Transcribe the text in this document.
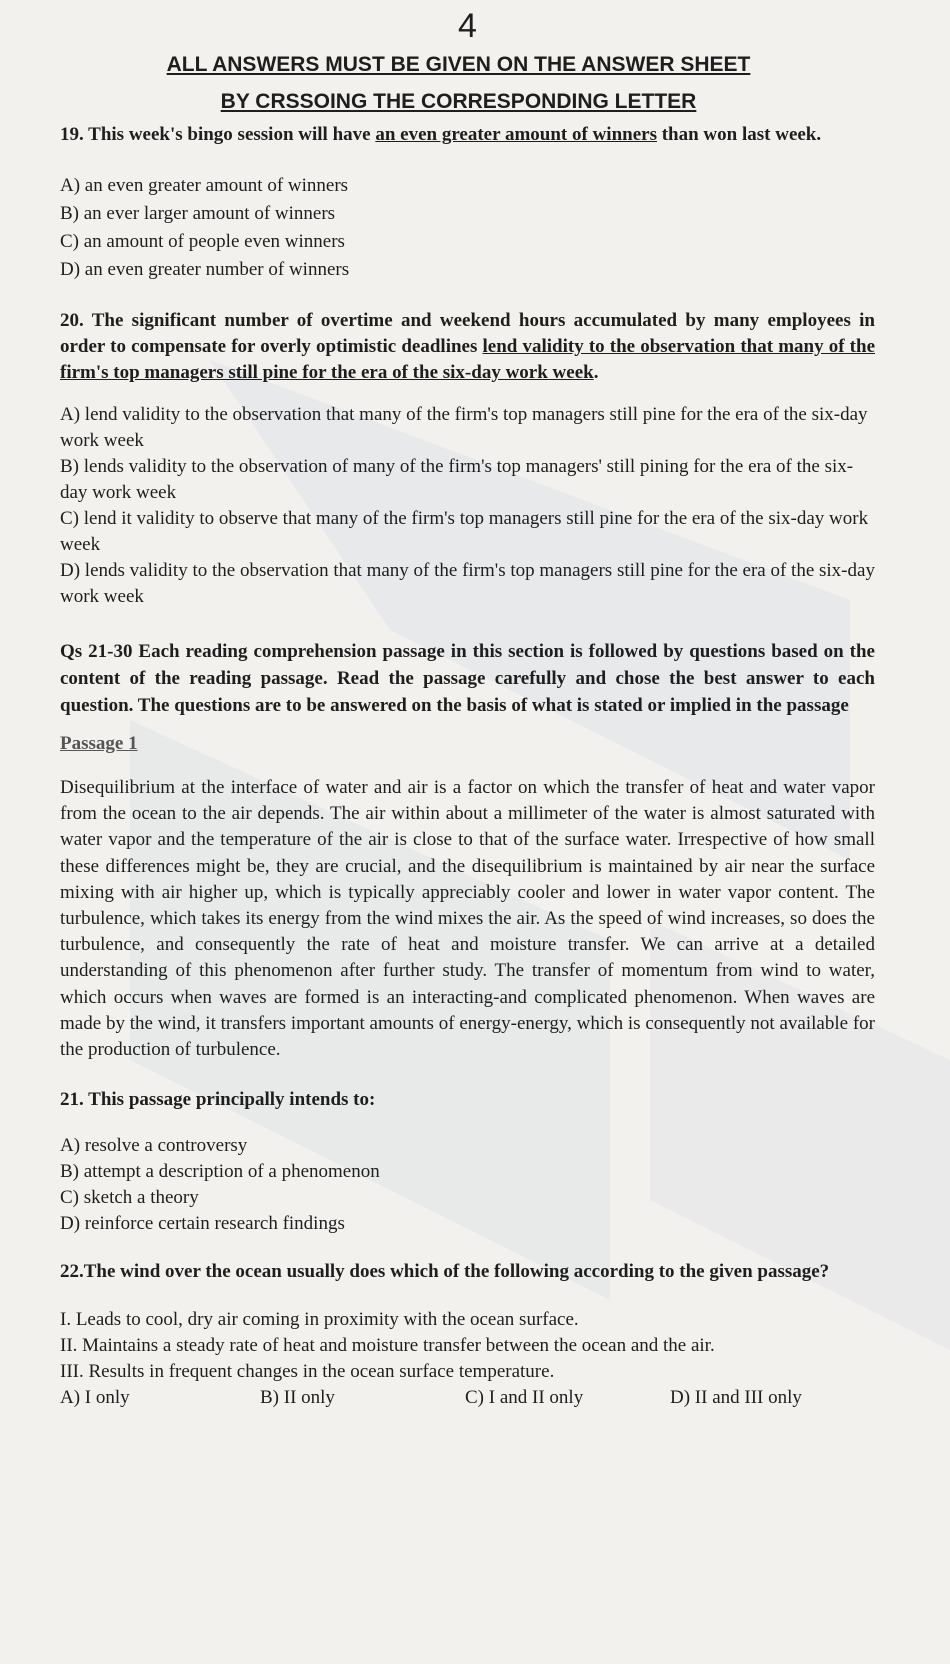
4
ALL ANSWERS MUST BE GIVEN ON THE ANSWER SHEET
BY CRSSOING THE CORRESPONDING LETTER
19. This week's bingo session will have an even greater amount of winners than won last week.
A) an even greater amount of winners
B) an ever larger amount of winners
C) an amount of people even winners
D) an even greater number of winners
20. The significant number of overtime and weekend hours accumulated by many employees in order to compensate for overly optimistic deadlines lend validity to the observation that many of the firm's top managers still pine for the era of the six-day work week.
A) lend validity to the observation that many of the firm's top managers still pine for the era of the six-day work week
B) lends validity to the observation of many of the firm's top managers' still pining for the era of the six-day work week
C) lend it validity to observe that many of the firm's top managers still pine for the era of the six-day work week
D) lends validity to the observation that many of the firm's top managers still pine for the era of the six-day work week
Qs 21-30 Each reading comprehension passage in this section is followed by questions based on the content of the reading passage. Read the passage carefully and chose the best answer to each question. The questions are to be answered on the basis of what is stated or implied in the passage
Passage 1
Disequilibrium at the interface of water and air is a factor on which the transfer of heat and water vapor from the ocean to the air depends. The air within about a millimeter of the water is almost saturated with water vapor and the temperature of the air is close to that of the surface water. Irrespective of how small these differences might be, they are crucial, and the disequilibrium is maintained by air near the surface mixing with air higher up, which is typically appreciably cooler and lower in water vapor content. The turbulence, which takes its energy from the wind mixes the air. As the speed of wind increases, so does the turbulence, and consequently the rate of heat and moisture transfer. We can arrive at a detailed understanding of this phenomenon after further study. The transfer of momentum from wind to water, which occurs when waves are formed is an interacting-and complicated phenomenon. When waves are made by the wind, it transfers important amounts of energy-energy, which is consequently not available for the production of turbulence.
21. This passage principally intends to:
A) resolve a controversy
B) attempt a description of a phenomenon
C) sketch a theory
D) reinforce certain research findings
22.The wind over the ocean usually does which of the following according to the given passage?
I. Leads to cool, dry air coming in proximity with the ocean surface.
II. Maintains a steady rate of heat and moisture transfer between the ocean and the air.
III. Results in frequent changes in the ocean surface temperature.
A) I only	B) II only	C) I and II only	D) II and III only
